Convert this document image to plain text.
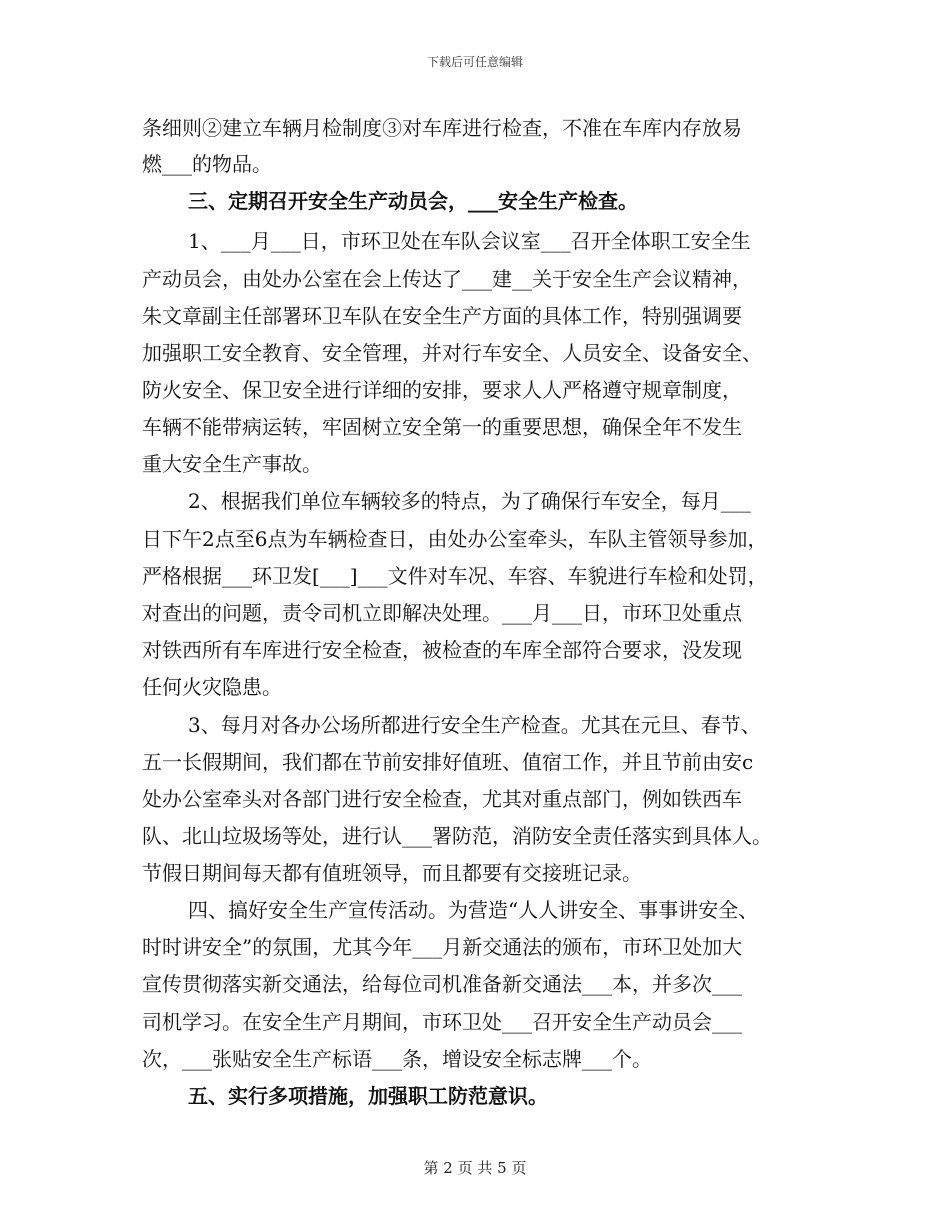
下载后可任意编辑
条细则②建立车辆月检制度③对车库进行检查，不准在车库内存放易
燃___的物品。
三、定期召开安全生产动员会，___安全生产检查。
1、___月___日，市环卫处在车队会议室___召开全体职工安全生
产动员会，由处办公室在会上传达了___建__关于安全生产会议精神，
朱文章副主任部署环卫车队在安全生产方面的具体工作，特别强调要
加强职工安全教育、安全管理，并对行车安全、人员安全、设备安全、
防火安全、保卫安全进行详细的安排，要求人人严格遵守规章制度，
车辆不能带病运转，牢固树立安全第一的重要思想，确保全年不发生
重大安全生产事故。
2、根据我们单位车辆较多的特点，为了确保行车安全，每月___
日下午2点至6点为车辆检查日，由处办公室牵头，车队主管领导参加，
严格根据___环卫发[___]___文件对车况、车容、车貌进行车检和处罚，
对查出的问题，责令司机立即解决处理。___月___日，市环卫处重点
对铁西所有车库进行安全检查，被检查的车库全部符合要求，没发现
任何火灾隐患。
3、每月对各办公场所都进行安全生产检查。尤其在元旦、春节、
五一长假期间，我们都在节前安排好值班、值宿工作，并且节前由安c
处办公室牵头对各部门进行安全检查，尤其对重点部门，例如铁西车
队、北山垃圾场等处，进行认___署防范，消防安全责任落实到具体人。
节假日期间每天都有值班领导，而且都要有交接班记录。
四、搞好安全生产宣传活动。为营造“人人讲安全、事事讲安全、
时时讲安全”的氛围，尤其今年___月新交通法的颁布，市环卫处加大
宣传贯彻落实新交通法，给每位司机准备新交通法___本，并多次___
司机学习。在安全生产月期间，市环卫处___召开安全生产动员会___
次，___张贴安全生产标语___条，增设安全标志牌___个。
五、实行多项措施，加强职工防范意识。
第 2 页 共 5 页
